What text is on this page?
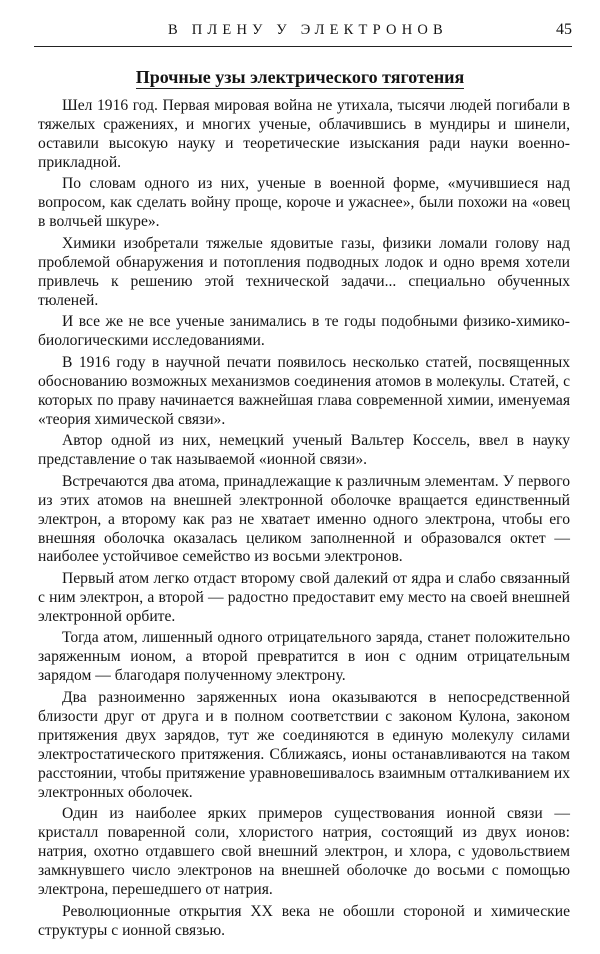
В ПЛЕНУ У ЭЛЕКТРОНОВ	45
Прочные узы электрического тяготения

Шел 1916 год. Первая мировая война не утихала, тысячи людей погибали в тяжелых сражениях, и многих ученые, облачившись в мундиры и шинели, оставили высокую науку и теоретические изыскания ради науки военно-прикладной.

По словам одного из них, ученые в военной форме, «мучившиеся над вопросом, как сделать войну проще, короче и ужаснее», были похожи на «овец в волчьей шкуре».

Химики изобретали тяжелые ядовитые газы, физики ломали голову над проблемой обнаружения и потопления подводных лодок и одно время хотели привлечь к решению этой технической задачи... специально обученных тюленей.

И все же не все ученые занимались в те годы подобными физико-химико-биологическими исследованиями.

В 1916 году в научной печати появилось несколько статей, посвященных обоснованию возможных механизмов соединения атомов в молекулы. Статей, с которых по праву начинается важнейшая глава современной химии, именуемая «теория химической связи».

Автор одной из них, немецкий ученый Вальтер Коссель, ввел в науку представление о так называемой «ионной связи».

Встречаются два атома, принадлежащие к различным элементам. У первого из этих атомов на внешней электронной оболочке вращается единственный электрон, а второму как раз не хватает именно одного электрона, чтобы его внешняя оболочка оказалась целиком заполненной и образовался октет — наиболее устойчивое семейство из восьми электронов.

Первый атом легко отдаст второму свой далекий от ядра и слабо связанный с ним электрон, а второй — радостно предоставит ему место на своей внешней электронной орбите.

Тогда атом, лишенный одного отрицательного заряда, станет положительно заряженным ионом, а второй превратится в ион с одним отрицательным зарядом — благодаря полученному электрону.

Два разноименно заряженных иона оказываются в непосредственной близости друг от друга и в полном соответствии с законом Кулона, законом притяжения двух зарядов, тут же соединяются в единую молекулу силами электростатического притяжения. Сближаясь, ионы останавливаются на таком расстоянии, чтобы притяжение уравновешивалось взаимным отталкиванием их электронных оболочек.

Один из наиболее ярких примеров существования ионной связи — кристалл поваренной соли, хлористого натрия, состоящий из двух ионов: натрия, охотно отдавшего свой внешний электрон, и хлора, с удовольствием замкнувшего число электронов на внешней оболочке до восьми с помощью электрона, перешедшего от натрия.

Революционные открытия XX века не обошли стороной и химические структуры с ионной связью.
